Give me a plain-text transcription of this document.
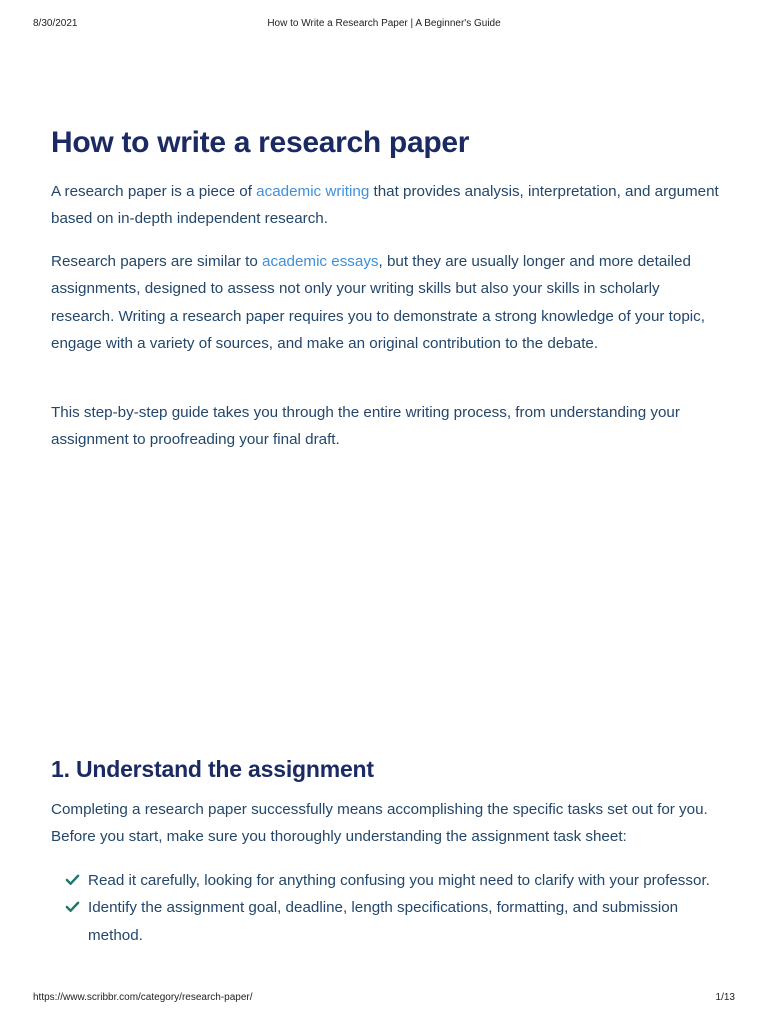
8/30/2021	How to Write a Research Paper | A Beginner's Guide
How to write a research paper

A research paper is a piece of academic writing that provides analysis, interpretation, and argument based on in-depth independent research.

Research papers are similar to academic essays, but they are usually longer and more detailed assignments, designed to assess not only your writing skills but also your skills in scholarly research. Writing a research paper requires you to demonstrate a strong knowledge of your topic, engage with a variety of sources, and make an original contribution to the debate.

This step-by-step guide takes you through the entire writing process, from understanding your assignment to proofreading your final draft.

1. Understand the assignment

Completing a research paper successfully means accomplishing the specific tasks set out for you. Before you start, make sure you thoroughly understanding the assignment task sheet:

Read it carefully, looking for anything confusing you might need to clarify with your professor.
Identify the assignment goal, deadline, length specifications, formatting, and submission method.
https://www.scribbr.com/category/research-paper/	1/13
